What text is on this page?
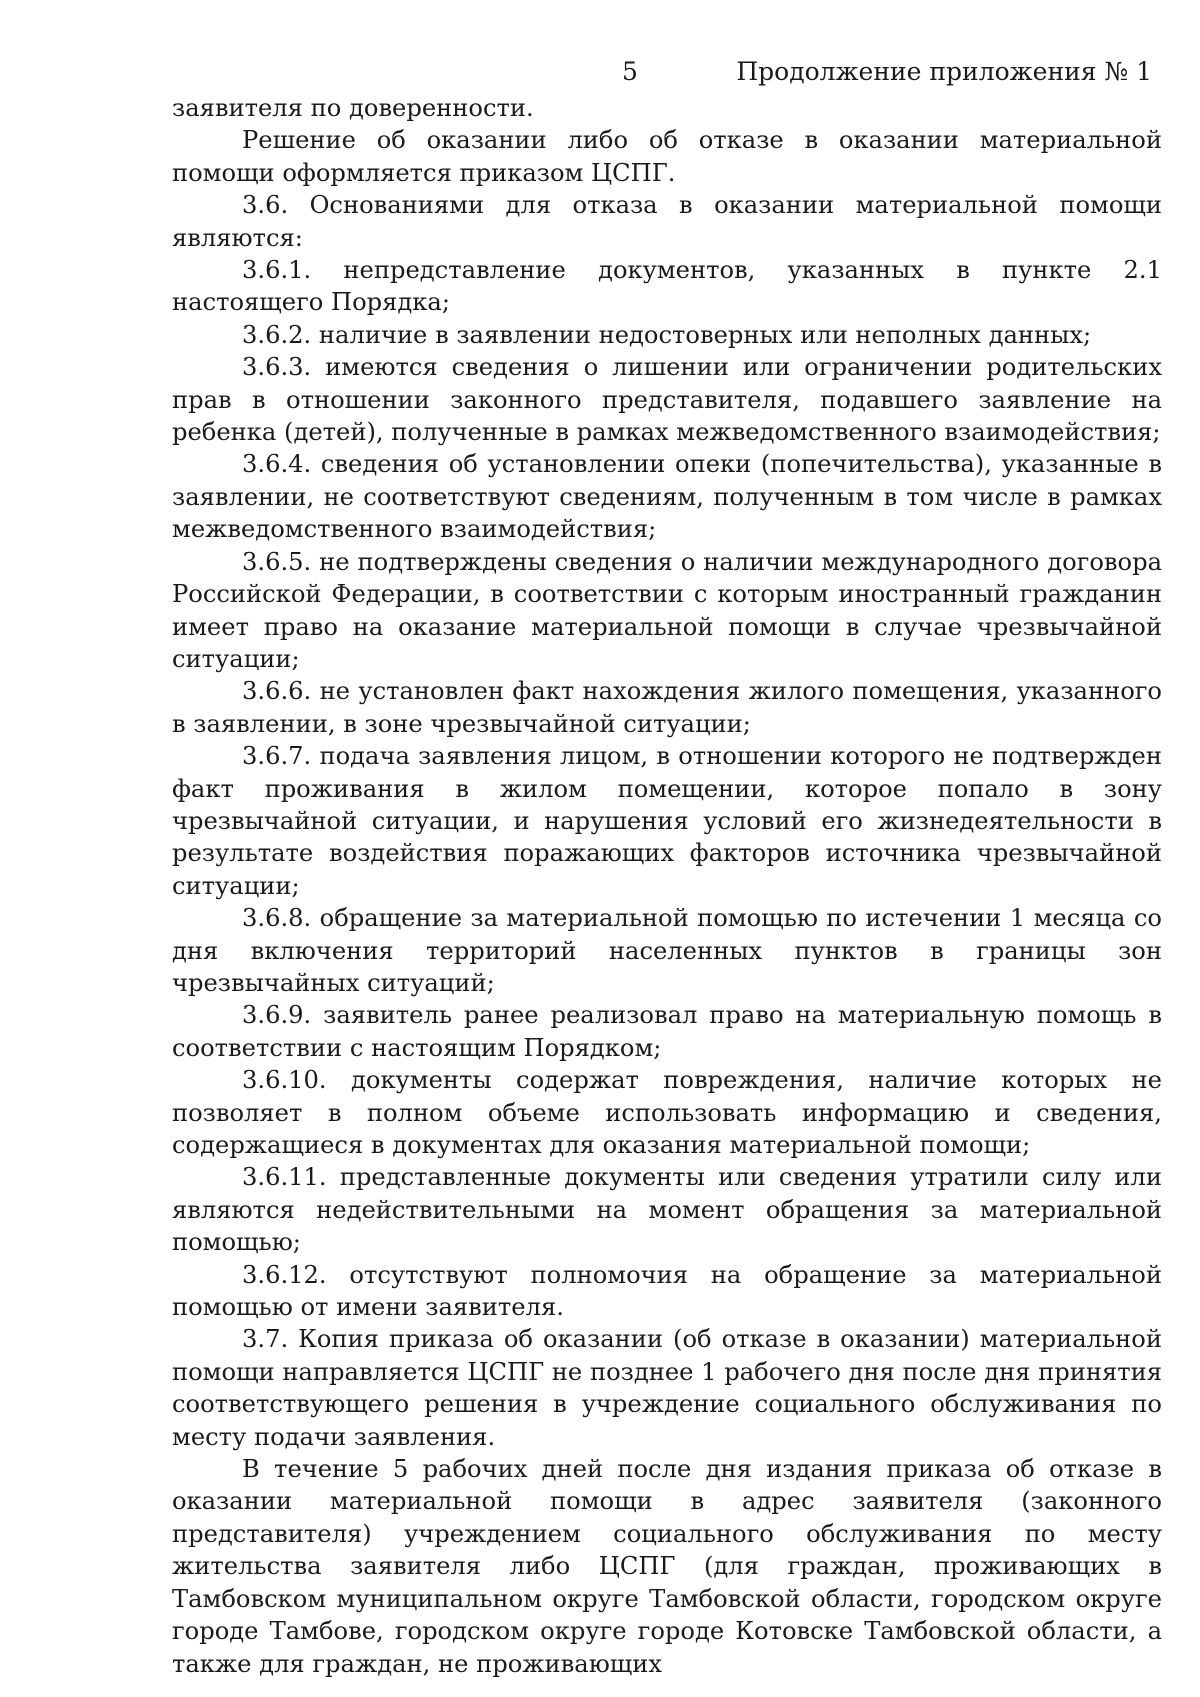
5	Продолжение приложения № 1

заявителя по доверенности.

Решение об оказании либо об отказе в оказании материальной помощи оформляется приказом ЦСПГ.

3.6. Основаниями для отказа в оказании материальной помощи являются:

3.6.1. непредставление документов, указанных в пункте 2.1 настоящего Порядка;

3.6.2. наличие в заявлении недостоверных или неполных данных;

3.6.3. имеются сведения о лишении или ограничении родительских прав в отношении законного представителя, подавшего заявление на ребенка (детей), полученные в рамках межведомственного взаимодействия;

3.6.4. сведения об установлении опеки (попечительства), указанные в заявлении, не соответствуют сведениям, полученным в том числе в рамках межведомственного взаимодействия;

3.6.5. не подтверждены сведения о наличии международного договора Российской Федерации, в соответствии с которым иностранный гражданин имеет право на оказание материальной помощи в случае чрезвычайной ситуации;

3.6.6. не установлен факт нахождения жилого помещения, указанного в заявлении, в зоне чрезвычайной ситуации;

3.6.7. подача заявления лицом, в отношении которого не подтвержден факт проживания в жилом помещении, которое попало в зону чрезвычайной ситуации, и нарушения условий его жизнедеятельности в результате воздействия поражающих факторов источника чрезвычайной ситуации;

3.6.8. обращение за материальной помощью по истечении 1 месяца со дня включения территорий населенных пунктов в границы зон чрезвычайных ситуаций;

3.6.9. заявитель ранее реализовал право на материальную помощь в соответствии с настоящим Порядком;

3.6.10. документы содержат повреждения, наличие которых не позволяет в полном объеме использовать информацию и сведения, содержащиеся в документах для оказания материальной помощи;

3.6.11. представленные документы или сведения утратили силу или являются недействительными на момент обращения за материальной помощью;

3.6.12. отсутствуют полномочия на обращение за материальной помощью от имени заявителя.

3.7. Копия приказа об оказании (об отказе в оказании) материальной помощи направляется ЦСПГ не позднее 1 рабочего дня после дня принятия соответствующего решения в учреждение социального обслуживания по месту подачи заявления.

В течение 5 рабочих дней после дня издания приказа об отказе в оказании материальной помощи в адрес заявителя (законного представителя) учреждением социального обслуживания по месту жительства заявителя либо ЦСПГ (для граждан, проживающих в Тамбовском муниципальном округе Тамбовской области, городском округе городе Тамбове, городском округе городе Котовске Тамбовской области, а также для граждан, не проживающих
